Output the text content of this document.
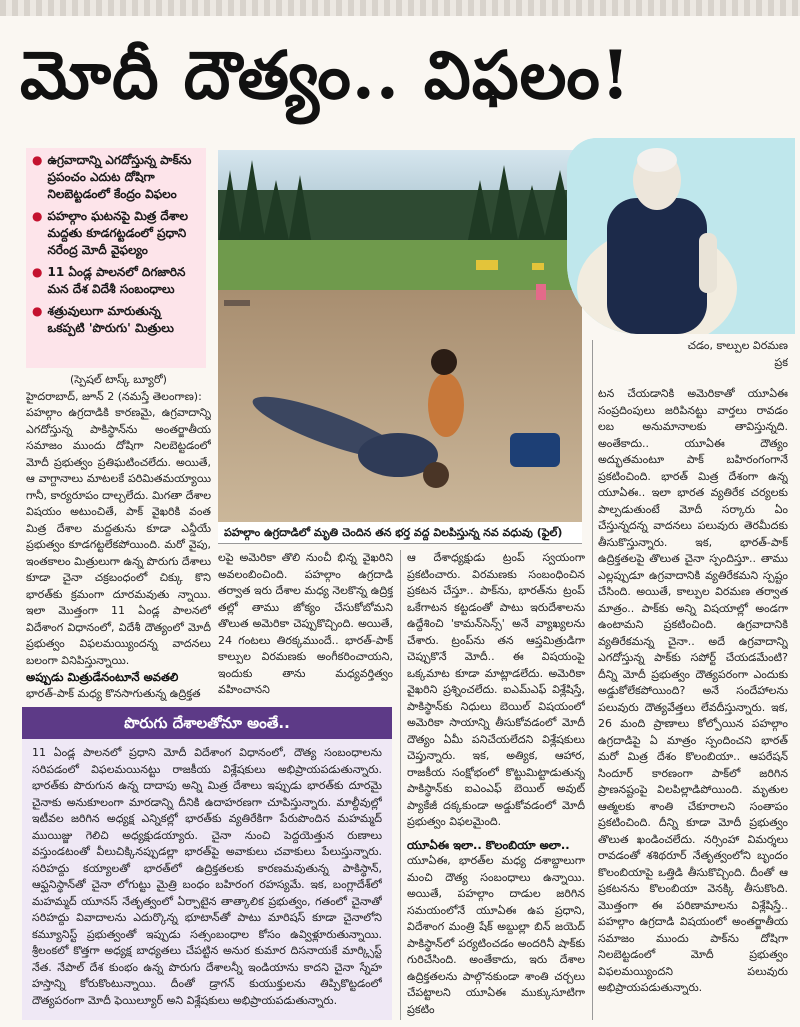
మోదీ దౌత్యం.. విఫలం!
● ఉగ్రవాదాన్ని ఎగదోస్తున్న పాక్‌ను ప్రపంచం ఎదుట దోషిగా నిలబెట్టడంలో కేంద్రం విఫలం
● పహల్గాం ఘటనపై మిత్ర దేశాల మద్దతు కూడగట్టడంలో ప్రధాని నరేంద్ర మోదీ వైఫల్యం
● 11 ఏండ్ల పాలనలో దిగజారిన మన దేశ విదేశీ సంబంధాలు
● శత్రువులుగా మారుతున్న ఒకప్పటి 'పొరుగు' మిత్రులు
పహల్గాం ఉగ్రదాడిలో మృతి చెందిన తన భర్త వద్ద విలపిస్తున్న నవ వధువు (ఫైల్)

(స్పెషల్ టాస్క్ బ్యూరో)

హైదరాబాద్, జూన్ 2 (నమస్తే తెలంగాణ):

పహల్గాం ఉగ్రదాడికి కారణమై, ఉగ్రవాదాన్ని ఎగదోస్తున్న పాకిస్థాన్‌ను అంతర్జాతీయ సమాజం ముందు దోషిగా నిలబెట్టడంలో మోదీ ప్రభుత్వం ప్రతిఘటించలేదు. అయితే, ఆ వాగ్దానాలు మాటలకే పరిమితమయ్యాయి గానీ, కార్యరూపం దాల్చలేదు. మిగతా దేశాల విషయం అటుంచితే, పాక్ వైఖరికి వంత మిత్ర దేశాల మద్దతును కూడా ఎన్డీయే ప్రభుత్వం కూడగట్టలేకపోయింది. మరో వైపు, ఇంతకాలం మిత్రులుగా ఉన్న పొరుగు దేశాలు కూడా చైనా చక్రబంధంలో చిక్కు కొని భారత్‌కు క్రమంగా దూరమవుతు న్నాయి. ఇలా మొత్తంగా 11 ఏండ్ల పాలనలో విదేశాంగ విధానంలో, విదేశీ దౌత్యంలో మోదీ ప్రభుత్వం విఫలమయ్యిందన్న వాదనలు బలంగా వినిపిస్తున్నాయి.

అప్పుడు మిత్రుడేనంటూనే అవతలి

భారత్-పాక్ మధ్య కొనసాగుతున్న ఉద్రిక్తత

లపై అమెరికా తొలి నుంచీ భిన్న వైఖరిని అవలంబించింది. పహల్గాం ఉగ్రదాడి తర్వాత ఇరు దేశాల మధ్య నెలకొన్న ఉద్రిక్త తల్లో తాము జోక్యం చేసుకోబోమని తొలుత అమెరికా చెప్పుకొచ్చింది. అయితే, 24 గంటలు తిరక్కముందే.. భారత్-పాక్ కాల్పుల విరమణకు అంగీకరించాయని, ఇందుకు తాను మధ్యవర్తిత్వం వహించానని

ఆ దేశాధ్యక్షుడు ట్రంప్ స్వయంగా ప్రకటించారు. విరమణకు సంబంధించిన ప్రకటన చేస్తూ.. పాక్‌ను, భారత్‌ను ట్రంప్ ఒకేగాటన కట్టడంతో పాటు ఇరుదేశాలను ఉద్దేశించి 'కామన్‌సెన్స్' అనే వ్యాఖ్యలను చేశారు. ట్రంప్‌ను తన ఆప్తమిత్రుడిగా చెప్పుకొనే మోదీ.. ఈ విషయంపై ఒక్కమాట కూడా మాట్లాడలేదు. అమెరికా వైఖరిని ప్రశ్నించలేదు. ఐఎమ్ఎఫ్ విశ్లేషిస్తే, పాకిస్థాన్‌కు నిధులు బెయిల్ విషయంలో అమెరికా సాయాన్ని తీసుకోవడంలో మోదీ దౌత్యం ఏమీ పనిచేయలేదని విశ్లేషకులు చెప్తున్నారు. ఇక, అత్యిక, ఆహార, రాజకీయ సంక్షోభంలో కొట్టుమిట్టాడుతున్న పాకిస్థాన్‌కు ఐఎంఎఫ్ బెయిల్ అవుట్ ప్యాకేజీ దక్కకుండా అడ్డుకోవడంలో మోదీ ప్రభుత్వం విఫలమైంది.

యూఏఈ ఇలా.. కొలంబియా అలా..

యూఏఈ, భారత్‌ల మధ్య దశాబ్దాలుగా మంచి దౌత్య సంబంధాలు ఉన్నాయి. అయితే, పహల్గాం దాడుల జరిగిన సమయంలోనే యూఏఈ ఉప ప్రధాని, విదేశాంగ మంత్రి షేక్ అబ్దుల్లా బిన్ జయెద్ పాకిస్థాన్‌లో పర్యటించడం అందరినీ షాక్‌కు గురిచేసింది. అంతేకాదు, ఇరు దేశాల ఉద్రిక్తతలను పాల్గొనకుండా శాంతి చర్చలు చేపట్టాలని యూఏఈ ముక్కుసూటిగా ప్రకటిం

చడం, కాల్పుల విరమణ ప్రక

టన చేయడానికి అమెరికాతో యూఏఈ సంప్రదింపులు జరిపినట్టు వార్తలు రావడం లబ అనుమానాలకు తావిస్తున్నది. అంతేకాదు.. యూఏఈ దౌత్యం అద్భుతమంటూ పాక్ బహిరంగంగానే ప్రకటించింది. భారత్ మిత్ర దేశంగా ఉన్న యూఏఈ.. ఇలా భారత వ్యతిరేక చర్యలకు పాల్పడుతుంటే మోదీ సర్కారు ఏం చేస్తున్నదన్న వాదనలు పలువురు తెరమీదకు తీసుకొస్తున్నారు. ఇక, భారత్-పాక్ ఉద్రిక్తతలపై తొలుత చైనా స్పందిస్తూ.. తాము ఎల్లప్పుడూ ఉగ్రవాదానికి వ్యతిరేకమని స్పష్టం చేసింది. అయితే, కాల్పుల విరమణ తర్వాత మాత్రం.. పాక్‌కు అన్ని విషయాల్లో అండగా ఉంటామని ప్రకటించింది. ఉగ్రవాదానికి వ్యతిరేకమన్న చైనా.. అదే ఉగ్రవాదాన్ని ఎగదోస్తున్న పాక్‌కు సపోర్ట్ చేయడమేంటి? దీన్ని మోదీ ప్రభుత్వం దౌత్యపరంగా ఎందుకు అడ్డుకోలేకపోయింది? అనే సందేహాలను పలువురు దౌత్యవేత్తలు లేవదీస్తున్నారు. ఇక, 26 మంది ప్రాణాలు కోల్పోయిన పహల్గాం ఉగ్రదాడిపై ఏ మాత్రం స్పందించని భారత్ మరో మిత్ర దేశం కొలంబియా.. ఆపరేషన్ సిందూర్ కారణంగా పాక్‌లో జరిగిన ప్రాణనష్టంపై విలపిల్లాడిపోయింది. మృతుల ఆత్మలకు శాంతి చేకూరాలని సంతాపం ప్రకటించింది. దీన్ని కూడా మోదీ ప్రభుత్వం తొలుత ఖండించలేదు. నర్సింహా విమర్శలు రావడంతో శశిథరూర్ నేతృత్వంలోని బృందం కొలంబియాపై ఒత్తిడి తీసుకొచ్చింది. దీంతో ఆ ప్రకటనను కొలంబియా వెనక్కి తీసుకొంది. మొత్తంగా ఈ పరిణామాలను విశ్లేషిస్తే.. పహల్గాం ఉగ్రదాడి విషయంలో అంతర్జాతీయ సమాజం ముందు పాక్‌ను దోషిగా నిలబెట్టడంలో మోదీ ప్రభుత్వం విఫలమయ్యిందని పలువురు అభిప్రాయపడుతున్నారు.

పొరుగు దేశాలతోనూ అంతే..
11 ఏండ్ల పాలనలో ప్రధాని మోదీ విదేశాంగ విధానంలో, దౌత్య సంబంధాలను సరిపడంలో విఫలమయినట్టు రాజకీయ విశ్లేషకులు అభిప్రాయపడుతున్నారు. భారత్‌కు పొరుగున ఉన్న దాదాపు అన్ని మిత్ర దేశాలు ఇప్పుడు భారత్‌కు దూరమై చైనాకు అనుకూలంగా మారడాన్ని దీనికి ఉదాహరణగా చూపిస్తున్నారు. మాల్దీవుల్లో ఇటీవల జరిగిన అధ్యక్ష ఎన్నికల్లో భారత్‌కు వ్యతిరేకిగా పేరుపొందిన మహమ్మద్ ముయిజ్జు గెలిచి అధ్యక్షుడయ్యారు. చైనా నుంచి పెద్దయెత్తున రుణాలు వస్తుండటంతో వీలుచిక్కినప్పుడల్లా భారత్‌పై అవాకులు చవాకులు పేలుస్తున్నారు. సరిహద్దు కయ్యాలతో భారత్‌లో ఉద్రిక్తతలకు కారణమవుతున్న పాకిస్థాన్, ఆఫ్ఘనిస్థాన్‌తో చైనా లోగుట్టు మైత్రి బంధం బహిరంగ రహస్యమే. ఇక, బంగ్లాదేశ్‌లో మహమ్మద్ యూనస్ నేతృత్వంలో ఏర్పాటైన తాత్కాలిక ప్రభుత్వం, గతంలో చైనాతో సరిహద్దు వివాదాలను ఎదుర్కొన్న భూటాన్‌తో పాటు మారిషస్ కూడా చైనాలోని కమ్యూనిస్ట్ ప్రభుత్వంతో ఇప్పుడు సత్సంబంధాల కోసం ఉవ్విళ్లూరుతున్నాయి. శ్రీలంకలో కొత్తగా అధ్యక్ష బాధ్యతలు చేపట్టిన అనుర కుమార దిసనాయకే మార్క్సిస్ట్ నేత. నేపాల్ దేశ కుంభం ఉన్న పొరుగు దేశాలన్నీ ఇండియాను కాదని చైనా స్నేహ హస్తాన్ని కోరుకొంటున్నాయి. దీంతో డ్రాగన్ కుయుక్తులను తిప్పికొట్టడంలో దౌత్యపరంగా మోదీ ఫెయిల్యూర్ అని విశ్లేషకులు అభిప్రాయపడుతున్నారు.
